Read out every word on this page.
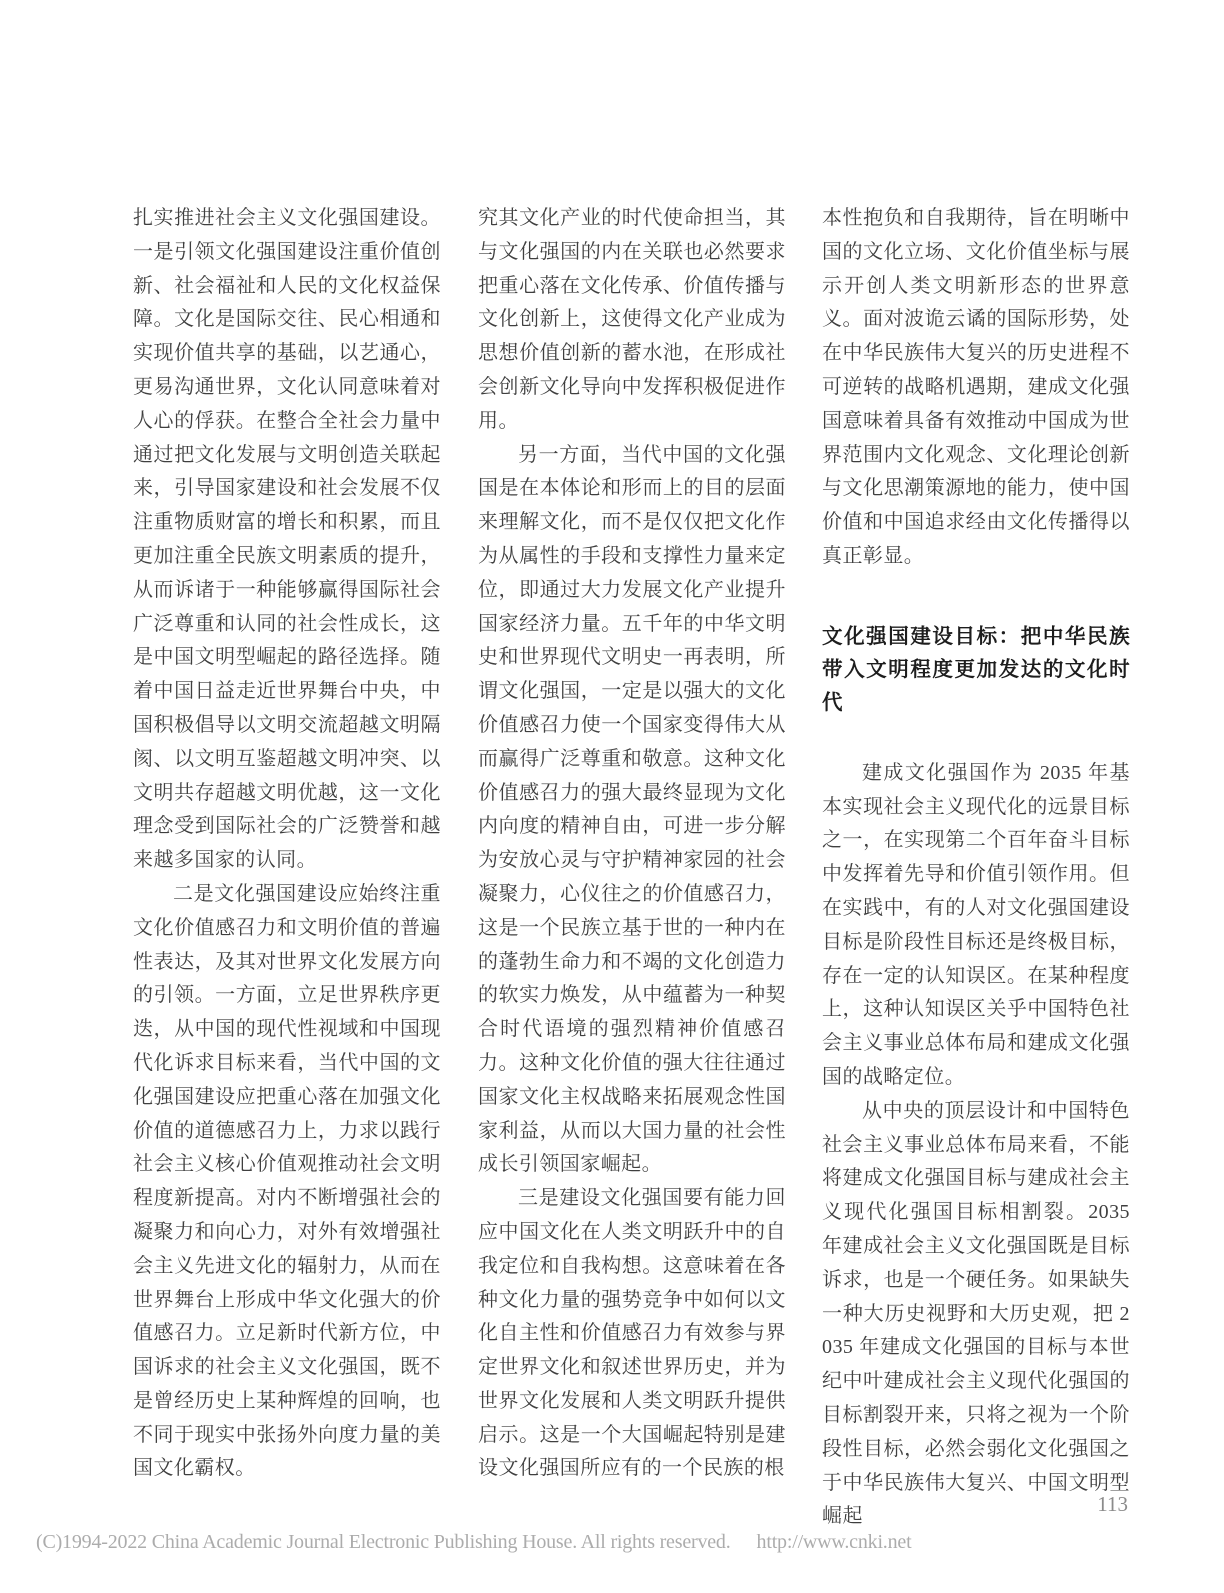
扎实推进社会主义文化强国建设。一是引领文化强国建设注重价值创新、社会福祉和人民的文化权益保障。文化是国际交往、民心相通和实现价值共享的基础，以艺通心，更易沟通世界，文化认同意味着对人心的俘获。在整合全社会力量中通过把文化发展与文明创造关联起来，引导国家建设和社会发展不仅注重物质财富的增长和积累，而且更加注重全民族文明素质的提升，从而诉诸于一种能够赢得国际社会广泛尊重和认同的社会性成长，这是中国文明型崛起的路径选择。随着中国日益走近世界舞台中央，中国积极倡导以文明交流超越文明隔阂、以文明互鉴超越文明冲突、以文明共存超越文明优越，这一文化理念受到国际社会的广泛赞誉和越来越多国家的认同。

二是文化强国建设应始终注重文化价值感召力和文明价值的普遍性表达，及其对世界文化发展方向的引领。一方面，立足世界秩序更迭，从中国的现代性视域和中国现代化诉求目标来看，当代中国的文化强国建设应把重心落在加强文化价值的道德感召力上，力求以践行社会主义核心价值观推动社会文明程度新提高。对内不断增强社会的凝聚力和向心力，对外有效增强社会主义先进文化的辐射力，从而在世界舞台上形成中华文化强大的价值感召力。立足新时代新方位，中国诉求的社会主义文化强国，既不是曾经历史上某种辉煌的回响，也不同于现实中张扬外向度力量的美国文化霸权。

究其文化产业的时代使命担当，其与文化强国的内在关联也必然要求把重心落在文化传承、价值传播与文化创新上，这使得文化产业成为思想价值创新的蓄水池，在形成社会创新文化导向中发挥积极促进作用。

另一方面，当代中国的文化强国是在本体论和形而上的目的层面来理解文化，而不是仅仅把文化作为从属性的手段和支撑性力量来定位，即通过大力发展文化产业提升国家经济力量。五千年的中华文明史和世界现代文明史一再表明，所谓文化强国，一定是以强大的文化价值感召力使一个国家变得伟大从而赢得广泛尊重和敬意。这种文化价值感召力的强大最终显现为文化内向度的精神自由，可进一步分解为安放心灵与守护精神家园的社会凝聚力，心仪往之的价值感召力，这是一个民族立基于世的一种内在的蓬勃生命力和不竭的文化创造力的软实力焕发，从中蕴蓄为一种契合时代语境的强烈精神价值感召力。这种文化价值的强大往往通过国家文化主权战略来拓展观念性国家利益，从而以大国力量的社会性成长引领国家崛起。

三是建设文化强国要有能力回应中国文化在人类文明跃升中的自我定位和自我构想。这意味着在各种文化力量的强势竞争中如何以文化自主性和价值感召力有效参与界定世界文化和叙述世界历史，并为世界文化发展和人类文明跃升提供启示。这是一个大国崛起特别是建设文化强国所应有的一个民族的根

本性抱负和自我期待，旨在明晰中国的文化立场、文化价值坐标与展示开创人类文明新形态的世界意义。面对波诡云谲的国际形势，处在中华民族伟大复兴的历史进程不可逆转的战略机遇期，建成文化强国意味着具备有效推动中国成为世界范围内文化观念、文化理论创新与文化思潮策源地的能力，使中国价值和中国追求经由文化传播得以真正彰显。

文化强国建设目标：把中华民族带入文明程度更加发达的文化时代

建成文化强国作为 2035 年基本实现社会主义现代化的远景目标之一，在实现第二个百年奋斗目标中发挥着先导和价值引领作用。但在实践中，有的人对文化强国建设目标是阶段性目标还是终极目标，存在一定的认知误区。在某种程度上，这种认知误区关乎中国特色社会主义事业总体布局和建成文化强国的战略定位。

从中央的顶层设计和中国特色社会主义事业总体布局来看，不能将建成文化强国目标与建成社会主义现代化强国目标相割裂。2035 年建成社会主义文化强国既是目标诉求，也是一个硬任务。如果缺失一种大历史视野和大历史观，把 2035 年建成文化强国的目标与本世纪中叶建成社会主义现代化强国的目标割裂开来，只将之视为一个阶段性目标，必然会弱化文化强国之于中华民族伟大复兴、中国文明型崛起

113
(C)1994-2022 China Academic Journal Electronic Publishing House. All rights reserved. http://www.cnki.net
